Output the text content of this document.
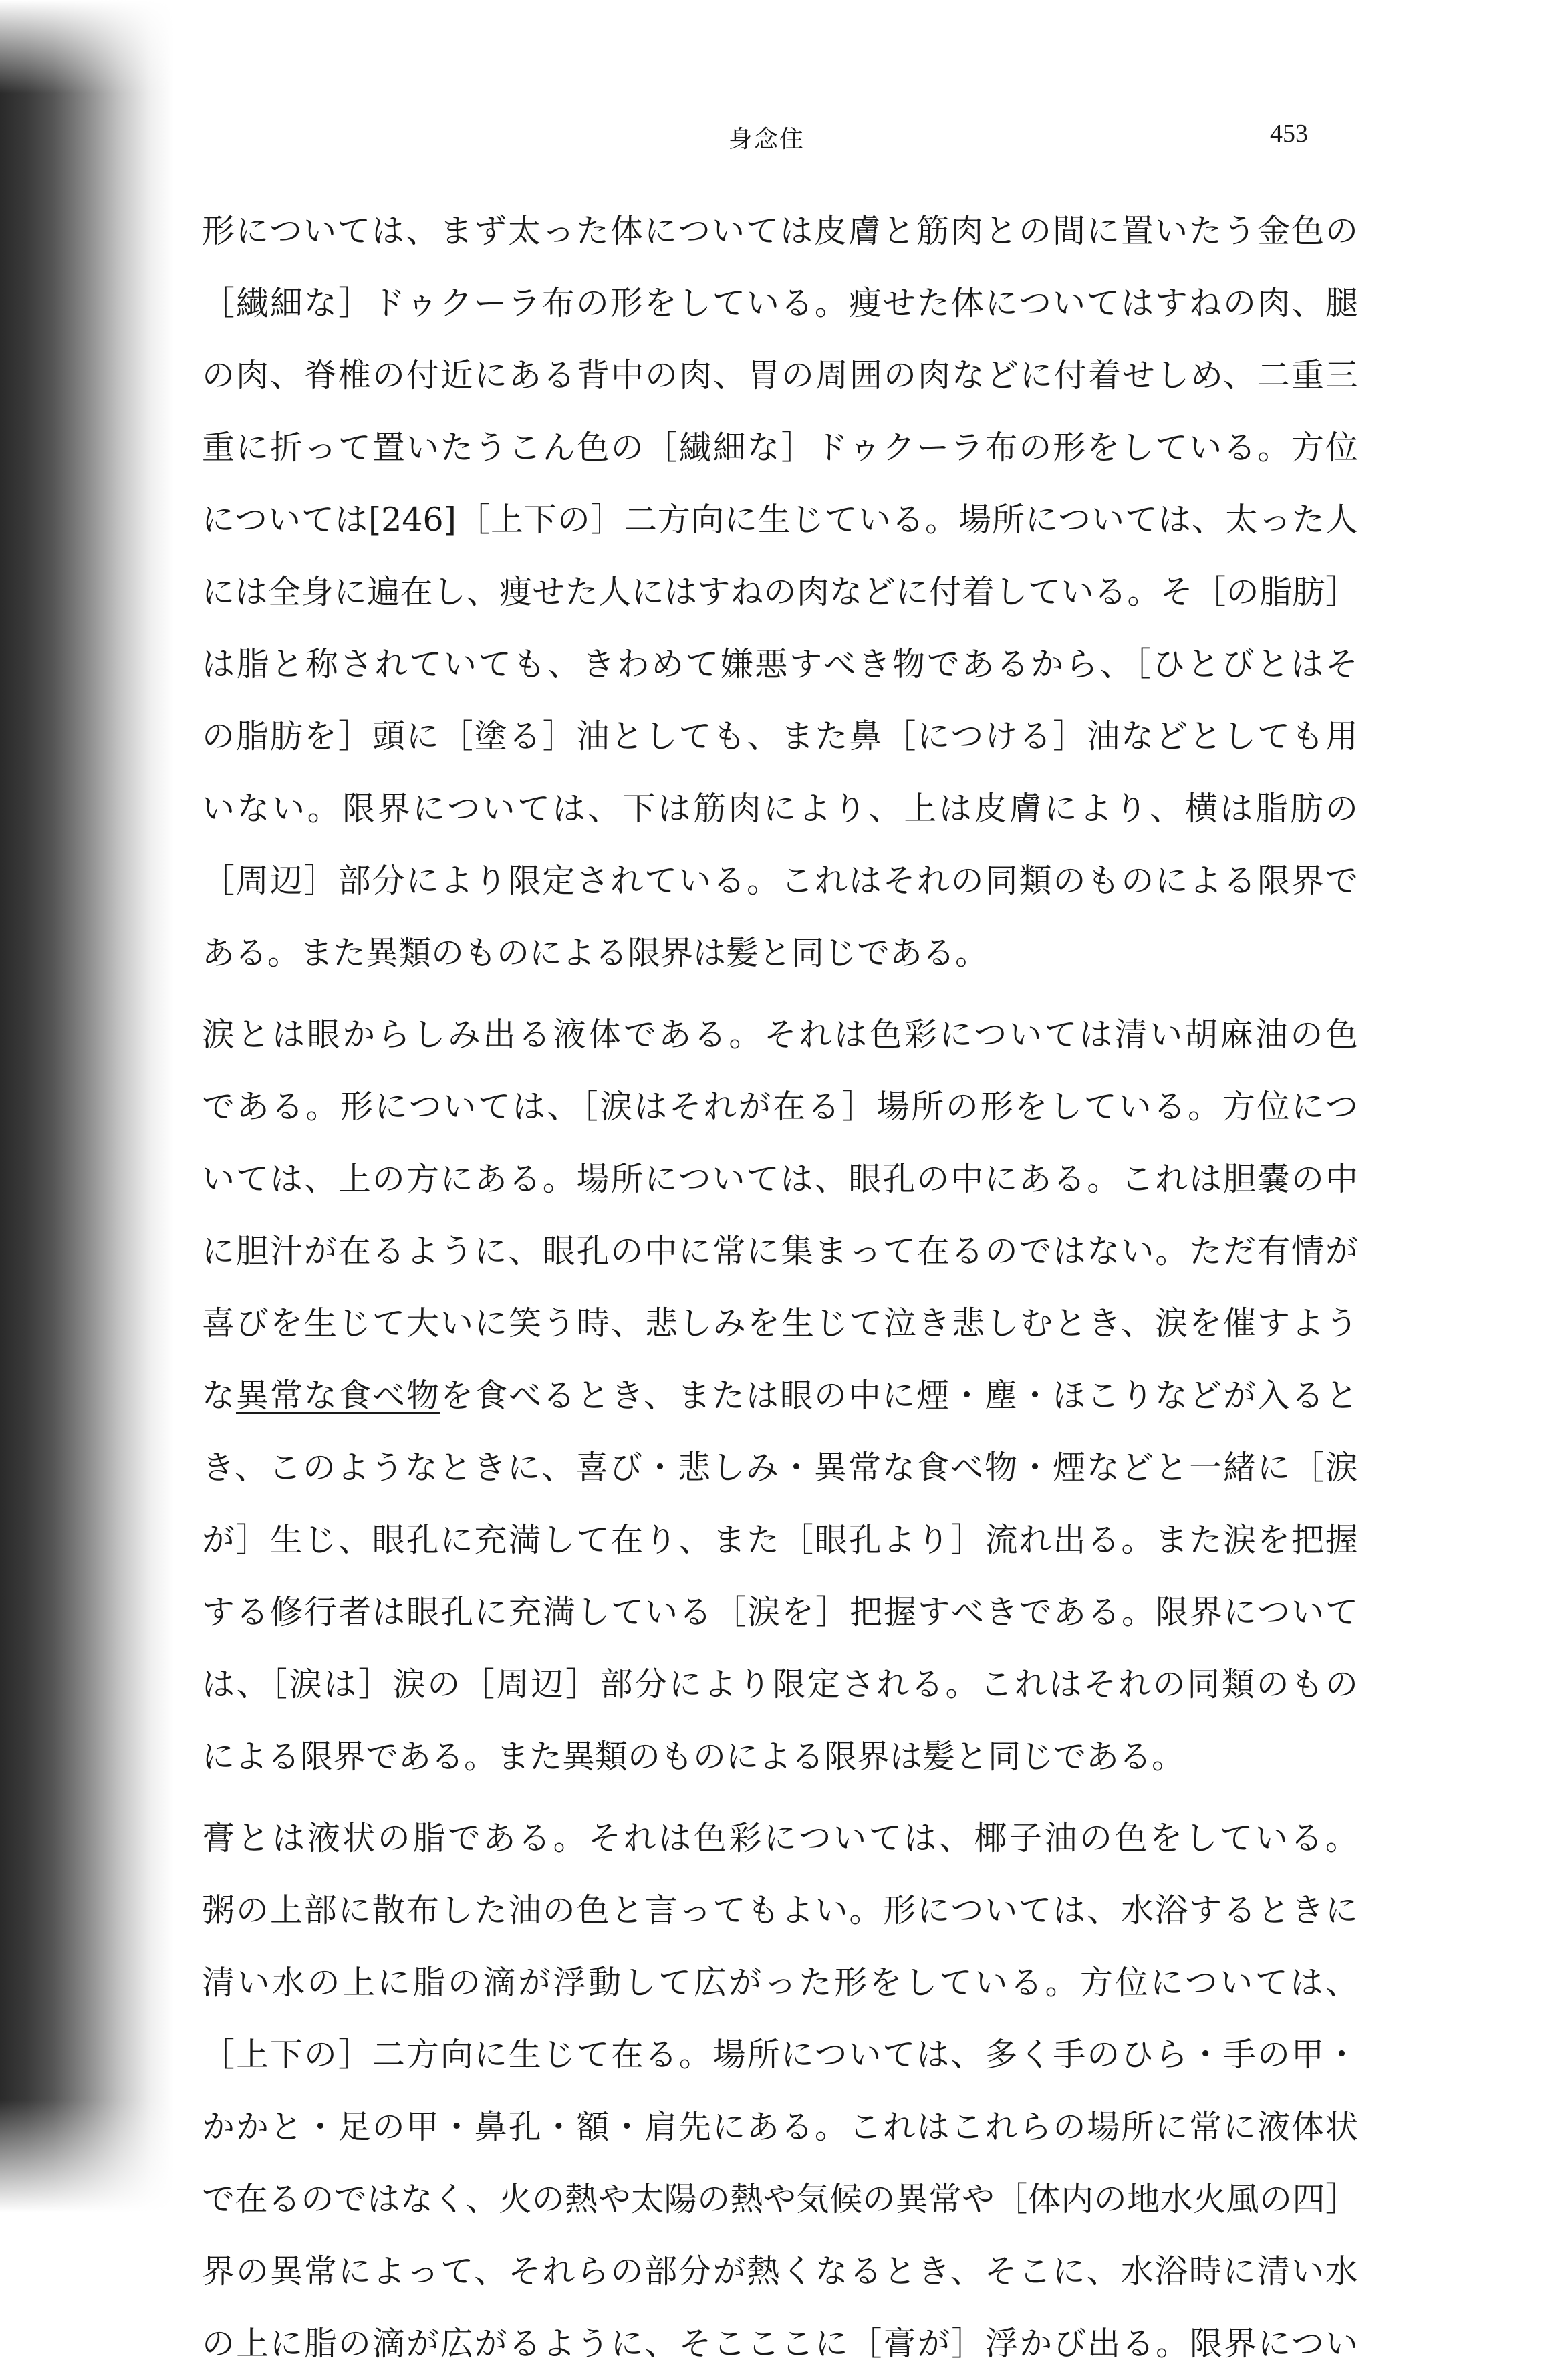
身念住	453
形については、まず太った体については皮膚と筋肉との間に置いたう金色の
［繊細な］ドゥクーラ布の形をしている。痩せた体についてはすねの肉、腿
の肉、脊椎の付近にある背中の肉、胃の周囲の肉などに付着せしめ、二重三
重に折って置いたうこん色の［繊細な］ドゥクーラ布の形をしている。方位
については[246]［上下の］二方向に生じている。場所については、太った人
には全身に遍在し、痩せた人にはすねの肉などに付着している。そ［の脂肪］
は脂と称されていても、きわめて嫌悪すべき物であるから、［ひとびとはそ
の脂肪を］頭に［塗る］油としても、また鼻［につける］油などとしても用
いない。限界については、下は筋肉により、上は皮膚により、横は脂肪の
［周辺］部分により限定されている。これはそれの同類のものによる限界で
ある。また異類のものによる限界は髪と同じである。
涙とは眼からしみ出る液体である。それは色彩については清い胡麻油の色
である。形については、［涙はそれが在る］場所の形をしている。方位につ
いては、上の方にある。場所については、眼孔の中にある。これは胆嚢の中
に胆汁が在るように、眼孔の中に常に集まって在るのではない。ただ有情が
喜びを生じて大いに笑う時、悲しみを生じて泣き悲しむとき、涙を催すよう
な異常な食べ物を食べるとき、または眼の中に煙・塵・ほこりなどが入ると
き、このようなときに、喜び・悲しみ・異常な食べ物・煙などと一緒に［涙
が］生じ、眼孔に充満して在り、また［眼孔より］流れ出る。また涙を把握
する修行者は眼孔に充満している［涙を］把握すべきである。限界について
は、［涙は］涙の［周辺］部分により限定される。これはそれの同類のもの
による限界である。また異類のものによる限界は髪と同じである。
膏とは液状の脂である。それは色彩については、椰子油の色をしている。
粥の上部に散布した油の色と言ってもよい。形については、水浴するときに
清い水の上に脂の滴が浮動して広がった形をしている。方位については、
［上下の］二方向に生じて在る。場所については、多く手のひら・手の甲・
かかと・足の甲・鼻孔・額・肩先にある。これはこれらの場所に常に液体状
で在るのではなく、火の熱や太陽の熱や気候の異常や［体内の地水火風の四］
界の異常によって、それらの部分が熱くなるとき、そこに、水浴時に清い水
の上に脂の滴が広がるように、そこここに［膏が］浮かび出る。限界につい
